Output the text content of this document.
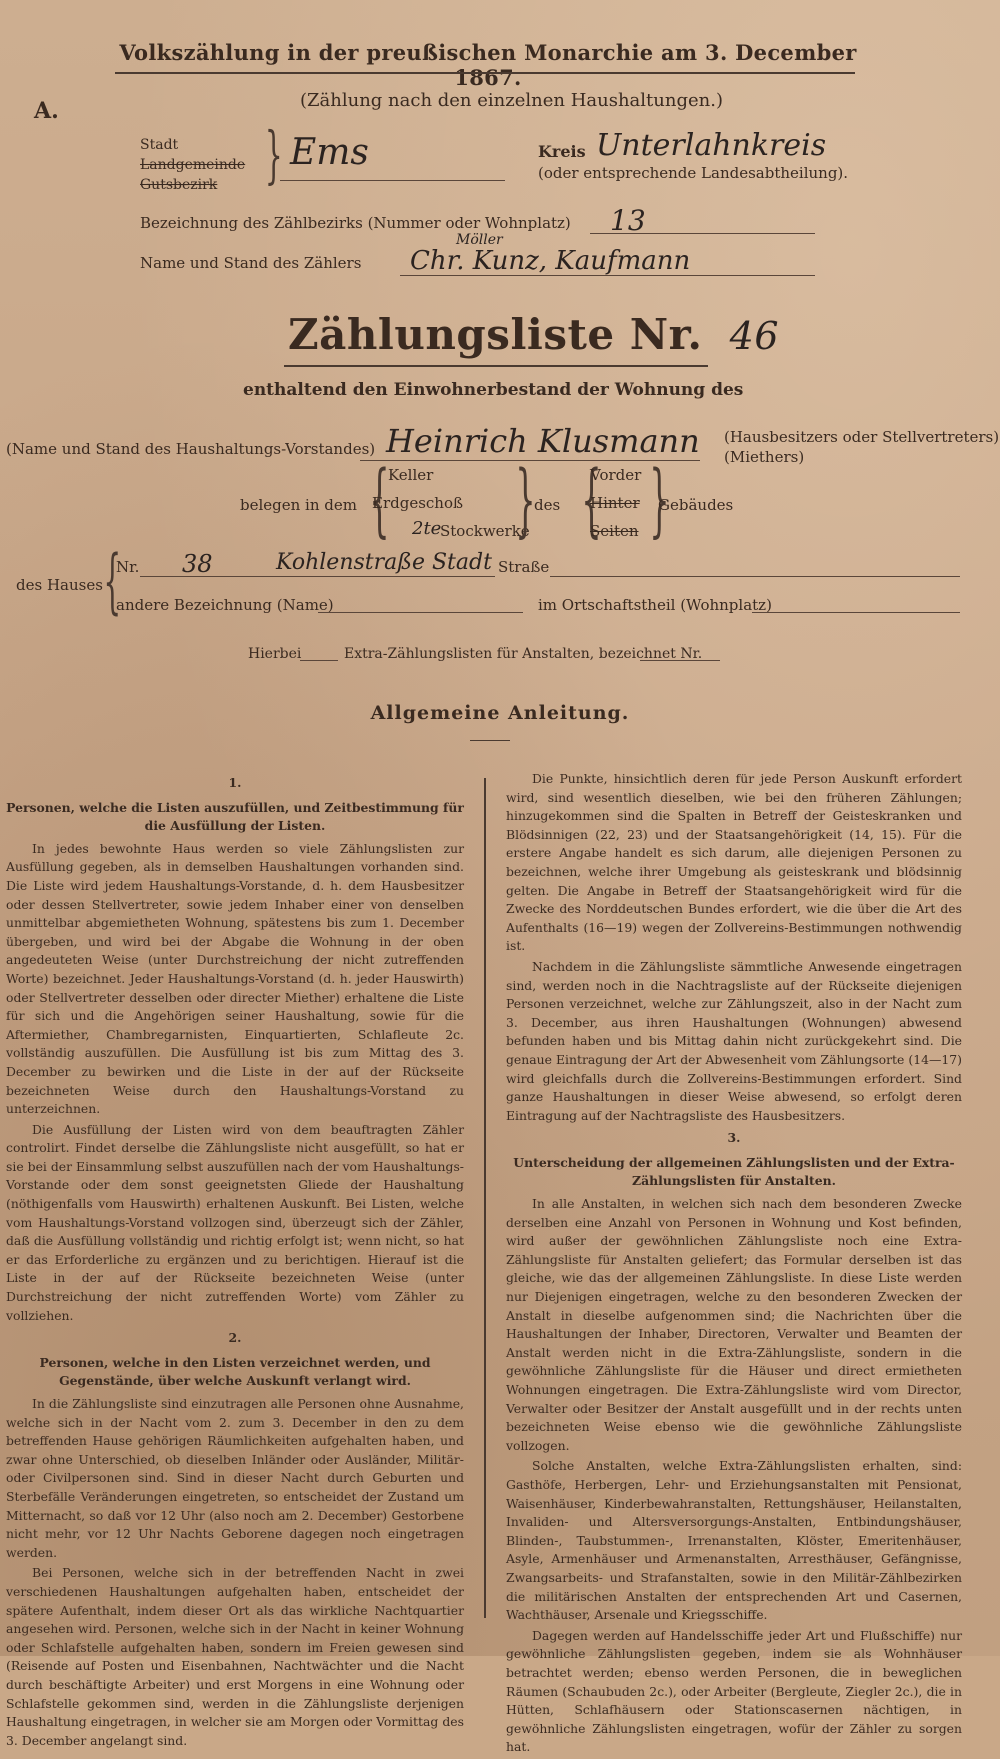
Volkszählung in der preußischen Monarchie am 3. December 1867.
A.	(Zählung nach den einzelnen Haushaltungen.)
Stadt
Landgemeinde
Gutsbezirk } Ems	Kreis Unterlahnkreis
(oder entsprechende Landesabtheilung).
Bezeichnung des Zählbezirks (Nummer oder Wohnplatz) 13
Name und Stand des Zählers
Möller
Chr. Kunz, Kaufmann
Zählungsliste Nr. 46
enthaltend den Einwohnerbestand der Wohnung des
(Name und Stand des Haushaltungs-Vorstandes) Heinrich Klusmann (Hausbesitzers oder Stellvertreters)
(Miethers)
belegen in dem {
Keller
Erdgeschoß
2te
Stockwerke
}
des {
Vorder
Hinter
Seiten }
Gebäudes
des Hauses {
Nr. 38	Kohlenstraße Stadt Straße
andere Bezeichnung (Name)	im Ortschaftstheil (Wohnplatz)
Hierbei	Extra-Zählungslisten für Anstalten, bezeichnet Nr.
Allgemeine Anleitung.
1.
Personen, welche die Listen auszufüllen, und Zeitbestimmung für die Ausfüllung der Listen.

In jedes bewohnte Haus werden so viele Zählungslisten zur Ausfüllung gegeben, als in demselben Haushaltungen vorhanden sind. Die Liste wird jedem Haushaltungs-Vorstande, d. h. dem Hausbesitzer oder dessen Stellvertreter, sowie jedem Inhaber einer von denselben unmittelbar abgemietheten Wohnung, spätestens bis zum 1. December übergeben, und wird bei der Abgabe die Wohnung in der oben angedeuteten Weise (unter Durchstreichung der nicht zutreffenden Worte) bezeichnet. Jeder Haushaltungs-Vorstand (d. h. jeder Hauswirth) oder Stellvertreter desselben oder directer Miether) erhaltene die Liste für sich und die Angehörigen seiner Haushaltung, sowie für die Aftermiether, Chambregarnisten, Einquartierten, Schlafleute 2c. vollständig auszufüllen. Die Ausfüllung ist bis zum Mittag des 3. December zu bewirken und die Liste in der auf der Rückseite bezeichneten Weise durch den Haushaltungs-Vorstand zu unterzeichnen.

Die Ausfüllung der Listen wird von dem beauftragten Zähler controlirt. Findet derselbe die Zählungsliste nicht ausgefüllt, so hat er sie bei der Einsammlung selbst auszufüllen nach der vom Haushaltungs-Vorstande oder dem sonst geeignetsten Gliede der Haushaltung (nöthigenfalls vom Hauswirth) erhaltenen Auskunft. Bei Listen, welche vom Haushaltungs-Vorstand vollzogen sind, überzeugt sich der Zähler, daß die Ausfüllung vollständig und richtig erfolgt ist; wenn nicht, so hat er das Erforderliche zu ergänzen und zu berichtigen. Hierauf ist die Liste in der auf der Rückseite bezeichneten Weise (unter Durchstreichung der nicht zutreffenden Worte) vom Zähler zu vollziehen.

2.
Personen, welche in den Listen verzeichnet werden, und Gegenstände, über welche Auskunft verlangt wird.

In die Zählungsliste sind einzutragen alle Personen ohne Ausnahme, welche sich in der Nacht vom 2. zum 3. December in den zu dem betreffenden Hause gehörigen Räumlichkeiten aufgehalten haben, und zwar ohne Unterschied, ob dieselben Inländer oder Ausländer, Militär- oder Civilpersonen sind. Sind in dieser Nacht durch Geburten und Sterbefälle Veränderungen eingetreten, so entscheidet der Zustand um Mitternacht, so daß vor 12 Uhr (also noch am 2. December) Gestorbene nicht mehr, vor 12 Uhr Nachts Geborene dagegen noch eingetragen werden.

Bei Personen, welche sich in der betreffenden Nacht in zwei verschiedenen Haushaltungen aufgehalten haben, entscheidet der spätere Aufenthalt, indem dieser Ort als das wirkliche Nachtquartier angesehen wird. Personen, welche sich in der Nacht in keiner Wohnung oder Schlafstelle aufgehalten haben, sondern im Freien gewesen sind (Reisende auf Posten und Eisenbahnen, Nachtwächter und die Nacht durch beschäftigte Arbeiter) und erst Morgens in eine Wohnung oder Schlafstelle gekommen sind, werden in die Zählungsliste derjenigen Haushaltung eingetragen, in welcher sie am Morgen oder Vormittag des 3. December angelangt sind.

Die Punkte, hinsichtlich deren für jede Person Auskunft erfordert wird, sind wesentlich dieselben, wie bei den früheren Zählungen; hinzugekommen sind die Spalten in Betreff der Geisteskranken und Blödsinnigen (22, 23) und der Staatsangehörigkeit (14, 15). Für die erstere Angabe handelt es sich darum, alle diejenigen Personen zu bezeichnen, welche ihrer Umgebung als geisteskrank und blödsinnig gelten. Die Angabe in Betreff der Staatsangehörigkeit wird für die Zwecke des Norddeutschen Bundes erfordert, wie die über die Art des Aufenthalts (16—19) wegen der Zollvereins-Bestimmungen nothwendig ist.

Nachdem in die Zählungsliste sämmtliche Anwesende eingetragen sind, werden noch in die Nachtragsliste auf der Rückseite diejenigen Personen verzeichnet, welche zur Zählungszeit, also in der Nacht zum 3. December, aus ihren Haushaltungen (Wohnungen) abwesend befunden haben und bis Mittag dahin nicht zurückgekehrt sind. Die genaue Eintragung der Art der Abwesenheit vom Zählungsorte (14—17) wird gleichfalls durch die Zollvereins-Bestimmungen erfordert. Sind ganze Haushaltungen in dieser Weise abwesend, so erfolgt deren Eintragung auf der Nachtragsliste des Hausbesitzers.

3.
Unterscheidung der allgemeinen Zählungslisten und der Extra-Zählungslisten für Anstalten.

In alle Anstalten, in welchen sich nach dem besonderen Zwecke derselben eine Anzahl von Personen in Wohnung und Kost befinden, wird außer der gewöhnlichen Zählungsliste noch eine Extra-Zählungsliste für Anstalten geliefert; das Formular derselben ist das gleiche, wie das der allgemeinen Zählungsliste. In diese Liste werden nur Diejenigen eingetragen, welche zu den besonderen Zwecken der Anstalt in dieselbe aufgenommen sind; die Nachrichten über die Haushaltungen der Inhaber, Directoren, Verwalter und Beamten der Anstalt werden nicht in die Extra-Zählungsliste, sondern in die gewöhnliche Zählungsliste für die Häuser und direct ermietheten Wohnungen eingetragen. Die Extra-Zählungsliste wird vom Director, Verwalter oder Besitzer der Anstalt ausgefüllt und in der rechts unten bezeichneten Weise ebenso wie die gewöhnliche Zählungsliste vollzogen.

Solche Anstalten, welche Extra-Zählungslisten erhalten, sind: Gasthöfe, Herbergen, Lehr- und Erziehungsanstalten mit Pensionat, Waisenhäuser, Kinderbewahranstalten, Rettungshäuser, Heilanstalten, Invaliden- und Altersversorgungs-Anstalten, Entbindungshäuser, Blinden-, Taubstummen-, Irrenanstalten, Klöster, Emeritenhäuser, Asyle, Armenhäuser und Armenanstalten, Arresthäuser, Gefängnisse, Zwangsarbeits- und Strafanstalten, sowie in den Militär-Zählbezirken die militärischen Anstalten der entsprechenden Art und Casernen, Wachthäuser, Arsenale und Kriegsschiffe.

Dagegen werden auf Handelsschiffe jeder Art und Flußschiffe) nur gewöhnliche Zählungslisten gegeben, indem sie als Wohnhäuser betrachtet werden; ebenso werden Personen, die in beweglichen Räumen (Schaubuden 2c.), oder Arbeiter (Bergleute, Ziegler 2c.), die in Hütten, Schlafhäusern oder Stationscasernen nächtigen, in gewöhnliche Zählungslisten eingetragen, wofür der Zähler zu sorgen hat.
